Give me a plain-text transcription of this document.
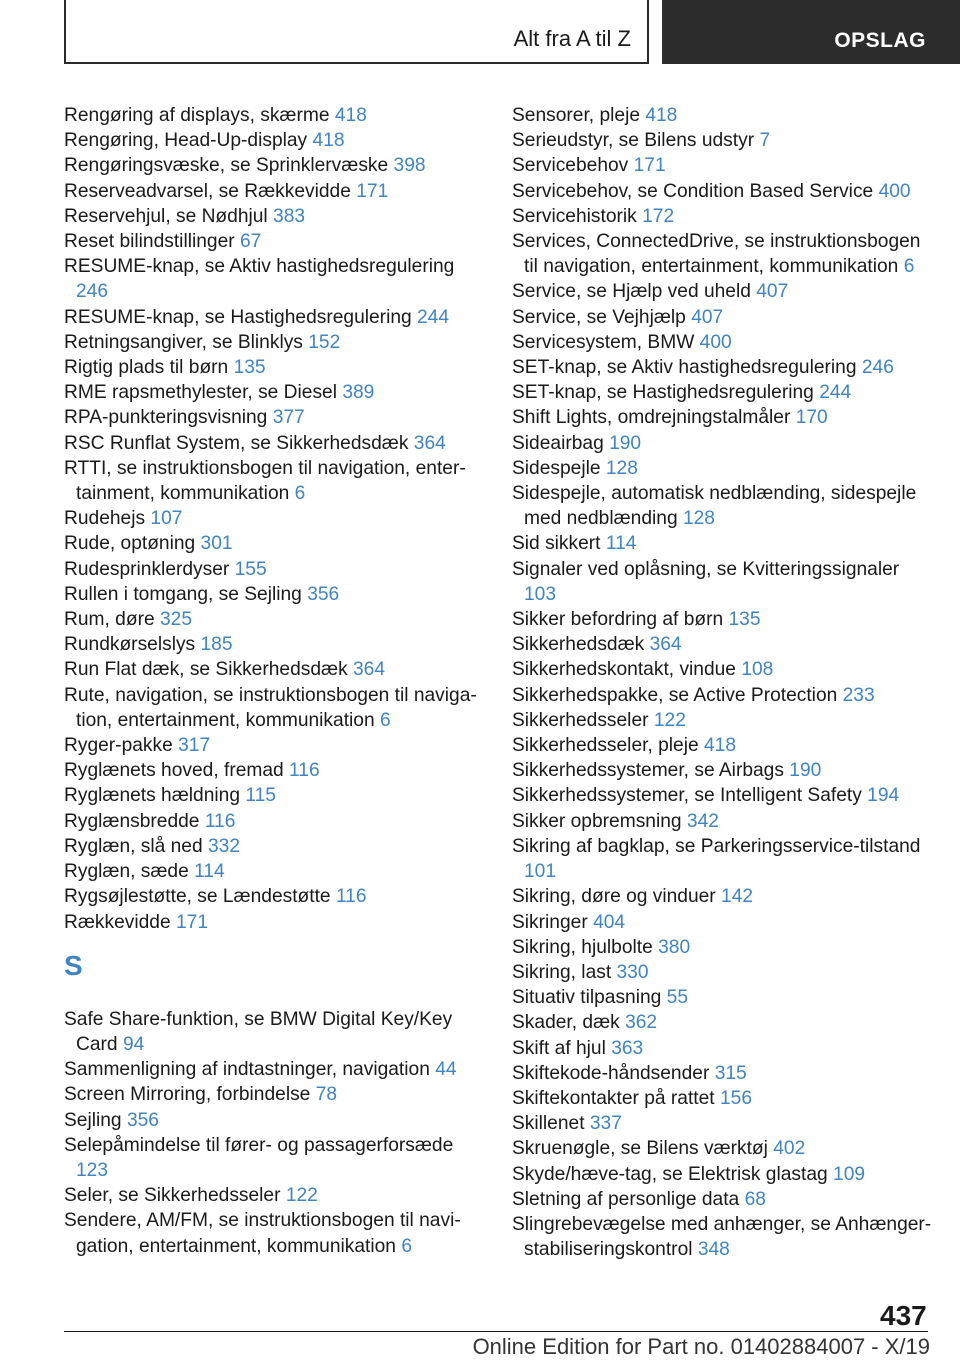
Alt fra A til Z	OPSLAG
Rengøring af displays, skærme 418
Rengøring, Head-Up-display 418
Rengøringsvæske, se Sprinklervæske 398
Reserveadvarsel, se Rækkevidde 171
Reservehjul, se Nødhjul 383
Reset bilindstillinger 67
RESUME-knap, se Aktiv hastighedsregulering 246
RESUME-knap, se Hastighedsregulering 244
Retningsangiver, se Blinklys 152
Rigtig plads til børn 135
RME rapsmethylester, se Diesel 389
RPA-punkteringsvisning 377
RSC Runflat System, se Sikkerhedsdæk 364
RTTI, se instruktionsbogen til navigation, entertainment, kommunikation 6
Rudehejs 107
Rude, optøning 301
Rudesprinklerdyser 155
Rullen i tomgang, se Sejling 356
Rum, døre 325
Rundkørselslys 185
Run Flat dæk, se Sikkerhedsdæk 364
Rute, navigation, se instruktionsbogen til navigation, entertainment, kommunikation 6
Ryger-pakke 317
Ryglænets hoved, fremad 116
Ryglænets hældning 115
Ryglænsbredde 116
Ryglæn, slå ned 332
Ryglæn, sæde 114
Rygsøjlestøtte, se Lændestøtte 116
Rækkevidde 171
S
Safe Share-funktion, se BMW Digital Key/Key Card 94
Sammenligning af indtastninger, navigation 44
Screen Mirroring, forbindelse 78
Sejling 356
Selepåmindelse til fører- og passagerforsæde 123
Seler, se Sikkerhedsseler 122
Sendere, AM/FM, se instruktionsbogen til navigation, entertainment, kommunikation 6
Sensorer, pleje 418
Serieudstyr, se Bilens udstyr 7
Servicebehov 171
Servicebehov, se Condition Based Service 400
Servicehistorik 172
Services, ConnectedDrive, se instruktionsbogen til navigation, entertainment, kommunikation 6
Service, se Hjælp ved uheld 407
Service, se Vejhjælp 407
Servicesystem, BMW 400
SET-knap, se Aktiv hastighedsregulering 246
SET-knap, se Hastighedsregulering 244
Shift Lights, omdrejningstalmåler 170
Sideairbag 190
Sidespejle 128
Sidespejle, automatisk nedblænding, sidespejle med nedblænding 128
Sid sikkert 114
Signaler ved oplåsning, se Kvitteringssignaler 103
Sikker befordring af børn 135
Sikkerhedsdæk 364
Sikkerhedskontakt, vindue 108
Sikkerhedspakke, se Active Protection 233
Sikkerhedsseler 122
Sikkerhedsseler, pleje 418
Sikkerhedssystemer, se Airbags 190
Sikkerhedssystemer, se Intelligent Safety 194
Sikker opbremsning 342
Sikring af bagklap, se Parkeringsservice-tilstand 101
Sikring, døre og vinduer 142
Sikringer 404
Sikring, hjulbolte 380
Sikring, last 330
Situativ tilpasning 55
Skader, dæk 362
Skift af hjul 363
Skiftekode-håndsender 315
Skiftekontakter på rattet 156
Skillenet 337
Skruenøgle, se Bilens værktøj 402
Skyde/hæve-tag, se Elektrisk glastag 109
Sletning af personlige data 68
Slingrebevægelse med anhænger, se Anhænger-stabiliseringskontrol 348
437
Online Edition for Part no. 01402884007 - X/19
